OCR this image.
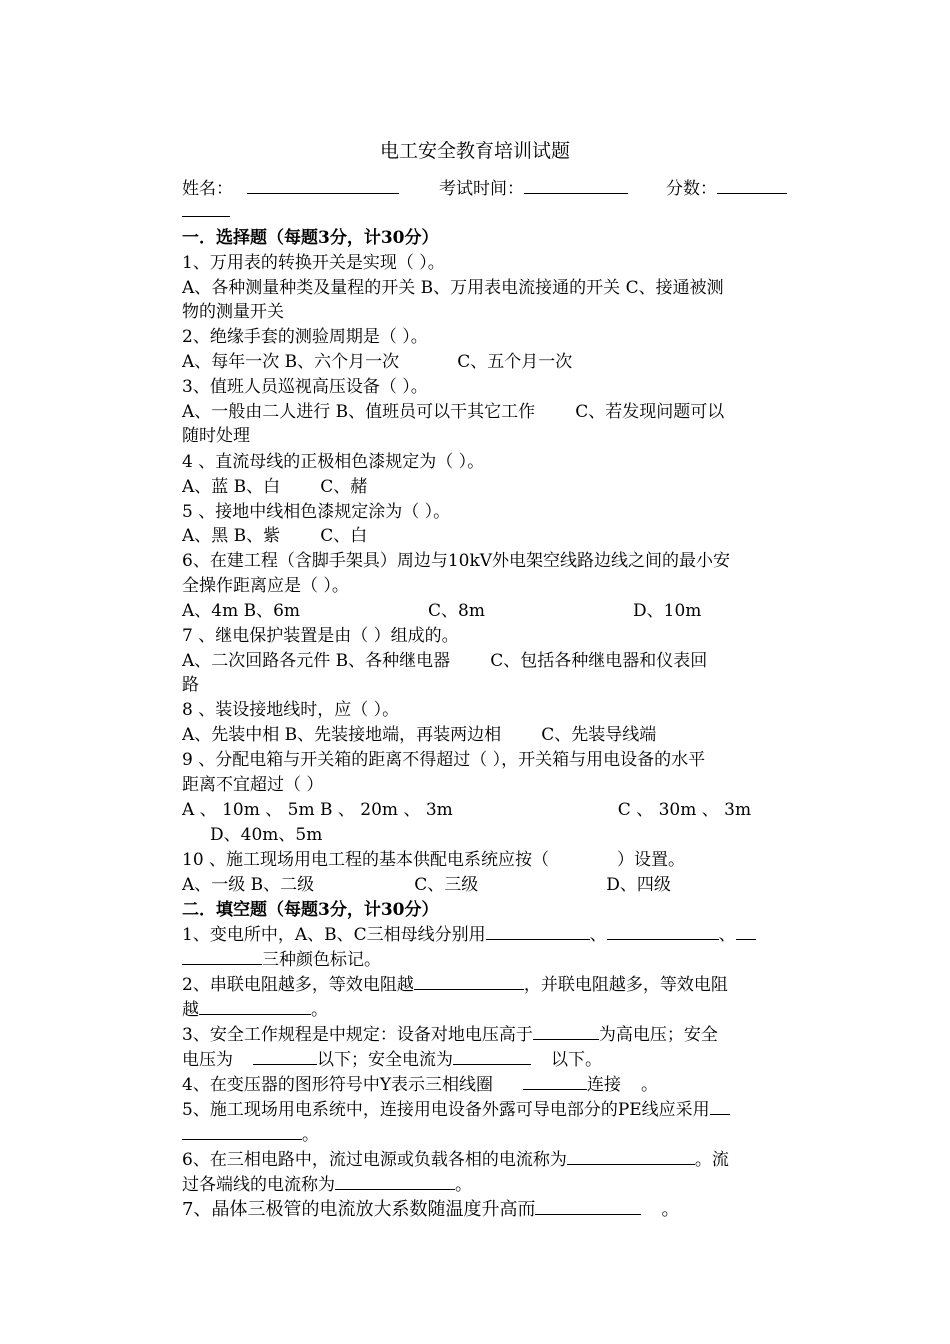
电工安全教育培训试题
姓名：	考试时间：	分数：
一．选择题（每题3分，计30分）
1、万用表的转换开关是实现（ ）。
A、各种测量种类及量程的开关 B、万用表电流接通的开关 C、接通被测
物的测量开关
2、绝缘手套的测验周期是（ ）。
A、每年一次 B、六个月一次	C、五个月一次
3、值班人员巡视高压设备（ ）。
A、一般由二人进行 B、值班员可以干其它工作 C、若发现问题可以
随时处理
4 、直流母线的正极相色漆规定为（ ）。
A、蓝 B、白 C、赭
5 、接地中线相色漆规定涂为（ ）。
A、黑 B、紫 C、白
6、在建工程（含脚手架具）周边与10kV外电架空线路边线之间的最小安
全操作距离应是（ ）。
A、4m B、6m	C、8m	D、10m
7 、继电保护装置是由（ ）组成的。
A、二次回路各元件 B、各种继电器 C、包括各种继电器和仪表回
路
8 、装设接地线时，应（ ）。
A、先装中相 B、先装接地端，再装两边相 C、先装导线端
9 、分配电箱与开关箱的距离不得超过（ ），开关箱与用电设备的水平
距离不宜超过（ ）
A 、 10m 、 5m B 、 20m 、 3m	C 、 30m 、 3m
D、40m、5m
10 、施工现场用电工程的基本供配电系统应按（	）设置。
A、一级 B、二级	C、三级	D、四级
二．填空题（每题3分，计30分）
1、变电所中，A、B、C三相母线分别用	、	、
三种颜色标记。
2、串联电阻越多，等效电阻越	，并联电阻越多，等效电阻
越	。
3、安全工作规程是中规定：设备对地电压高于	为高电压；安全
电压为	以下；安全电流为	以下。
4、在变压器的图形符号中Y表示三相线圈	连接 。
5、施工现场用电系统中，连接用电设备外露可导电部分的PE线应采用
。
6、在三相电路中，流过电源或负载各相的电流称为	。流
过各端线的电流称为	。
7、晶体三极管的电流放大系数随温度升高而	。
